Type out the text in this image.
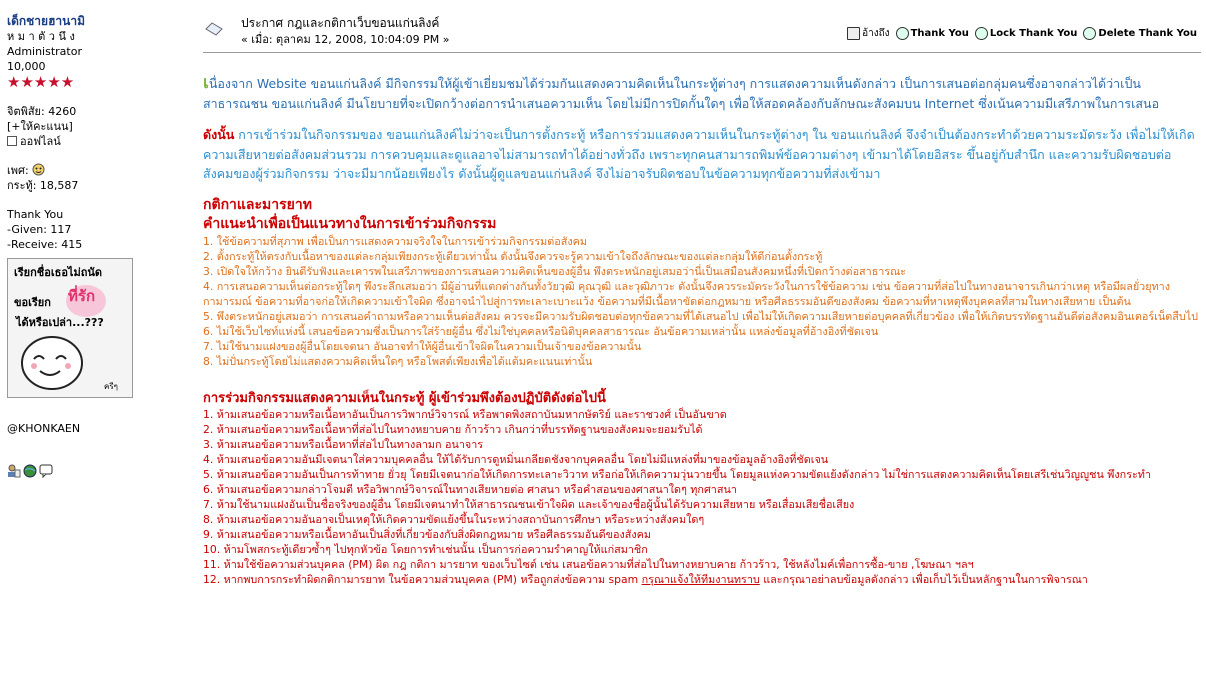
เด็กชายฮานามิ
ห ม า ตั ว นึ ง
Administrator
10,000
★★★★★
จิตพิสัย: 4260
[+ให้คะแนน]
ออฟไลน์
เพศ:
กระทู้: 18,587
Thank You
-Given: 117
-Receive: 415
เรียกชื่อเธอไม่ถนัด
ขอเรียก ที่รัก
ได้หรือเปล่า...???
ครีๆ
@KHONKAEN
ประกาศ กฎและกติกาเว็บขอนแก่นลิงค์
« เมื่อ: ตุลาคม 12, 2008, 10:04:09 PM »	อ้างถึง Thank You Lock Thank You Delete Thank You
เนื่องจาก Website ขอนแก่นลิงค์ มีกิจกรรมให้ผู้เข้าเยี่ยมชมได้ร่วมกันแสดงความคิดเห็นในกระทู้ต่างๆ การแสดงความเห็นดังกล่าว เป็นการเสนอต่อกลุ่มคนซึ่งอาจกล่าวได้ว่าเป็นสาธารณชน ขอนแก่นลิงค์ มีนโยบายที่จะเปิดกว้างต่อการนำเสนอความเห็น โดยไม่มีการปิดกั้นใดๆ เพื่อให้สอดคล้องกับลักษณะสังคมบน Internet ซึ่งเน้นความมีเสรีภาพในการเสนอ
ดังนั้น การเข้าร่วมในกิจกรรมของ ขอนแก่นลิงค์ไม่ว่าจะเป็นการตั้งกระทู้ หรือการร่วมแสดงความเห็นในกระทู้ต่างๆ ใน ขอนแก่นลิงค์ จึงจำเป็นต้องกระทำด้วยความระมัดระวัง เพื่อไม่ให้เกิดความเสียหายต่อสังคมส่วนรวม การควบคุมและดูแลอาจไม่สามารถทำได้อย่างทั่วถึง เพราะทุกคนสามารถพิมพ์ข้อความต่างๆ เข้ามาได้โดยอิสระ ขึ้นอยู่กับสำนึก และความรับผิดชอบต่อสังคมของผู้ร่วมกิจกรรม ว่าจะมีมากน้อยเพียงไร ดังนั้นผู้ดูแลขอนแก่นลิงค์ จึงไม่อาจรับผิดชอบในข้อความทุกข้อความที่ส่งเข้ามา
กติกาและมารยาท
คำแนะนำเพื่อเป็นแนวทางในการเข้าร่วมกิจกรรม
1. ใช้ข้อความที่สุภาพ เพื่อเป็นการแสดงความจริงใจในการเข้าร่วมกิจกรรมต่อสังคม
2. ตั้งกระทู้ให้ตรงกับเนื้อหาของแต่ละกลุ่มเพียงกระทู้เดียวเท่านั้น ดังนั้นจึงควรจะรู้ความเข้าใจถึงลักษณะของแต่ละกลุ่มให้ดีก่อนตั้งกระทู้
3. เปิดใจให้กว้าง ยินดีรับฟังและเคารพในเสรีภาพของการเสนอความคิดเห็นของผู้อื่น พึงตระหนักอยู่เสมอว่านี่เป็นเสมือนสังคมหนึ่งที่เปิดกว้างต่อสาธารณะ
4. การเสนอความเห็นต่อกระทู้ใดๆ พึงระลึกเสมอว่า มีผู้อ่านที่แตกต่างกันทั้งวัยวุฒิ คุณวุฒิ และวุฒิภาวะ ดังนั้นจึงควรระมัดระวังในการใช้ข้อความ เช่น ข้อความที่ส่อไปในทางอนาจารเกินกว่าเหตุ หรือมีผลยั่วยุทางกามารมณ์ ข้อความที่อาจก่อให้เกิดความเข้าใจผิด ซึ่งอาจนำไปสู่การทะเลาะเบาะแว้ง ข้อความที่มีเนื้อหาขัดต่อกฎหมาย หรือศีลธรรมอันดีของสังคม ข้อความที่หาเหตุพึงบุคคลที่สามในทางเสียหาย เป็นต้น
5. พึงตระหนักอยู่เสมอว่า การเสนอคำถามหรือความเห็นต่อสังคม ควรจะมีความรับผิดชอบต่อทุกข้อความที่ได้เสนอไป เพื่อไม่ให้เกิดความเสียหายต่อบุคคลที่เกี่ยวข้อง เพื่อให้เกิดบรรทัดฐานอันดีต่อสังคมอินเตอร์เน็ตสืบไป
6. ไม่ใช้เว็บไซท์แห่งนี้ เสนอข้อความซึ่งเป็นการใส่ร้ายผู้อื่น ซึ่งไม่ใช่บุคคลหรือนิติบุคคลสาธารณะ อันข้อความเหล่านั้น แหล่งข้อมูลที่อ้างอิงที่ชัดเจน
7. ไม่ใช้นามแฝงของผู้อื่นโดยเจตนา อันอาจทำให้ผู้อื่นเข้าใจผิดในความเป็นเจ้าของข้อความนั้น
8. ไม่ปั่นกระทู้โดยไม่แสดงความคิดเห็นใดๆ หรือโพสต์เพียงเพื่อได้แต้มคะแนนเท่านั้น
การร่วมกิจกรรมแสดงความเห็นในกระทู้ ผู้เข้าร่วมพึงต้องปฏิบัติดังต่อไปนี้
1. ห้ามเสนอข้อความหรือเนื้อหาอันเป็นการวิพากษ์วิจารณ์ หรือพาดพิงสถาบันมหากษัตริย์ และราชวงศ์ เป็นอันขาด
2. ห้ามเสนอข้อความหรือเนื้อหาที่ส่อไปในทางหยาบคาย ก้าวร้าว เกินกว่าที่บรรทัดฐานของสังคมจะยอมรับได้
3. ห้ามเสนอข้อความหรือเนื้อหาที่ส่อไปในทางลามก อนาจาร
4. ห้ามเสนอข้อความอันมีเจตนาใส่ความบุคคลอื่น ให้ได้รับการดูหมิ่นเกลียดชังจากบุคคลอื่น โดยไม่มีแหล่งที่มาของข้อมูลอ้างอิงที่ชัดเจน
5. ห้ามเสนอข้อความอันเป็นการท้าทาย ยั่วยุ โดยมีเจตนาก่อให้เกิดการทะเลาะวิวาท หรือก่อให้เกิดความวุ่นวายขึ้น โดยมูลแห่งความขัดแย้งดังกล่าว ไม่ใช่การแสดงความคิดเห็นโดยเสรีเช่นวิญญูชน พึงกระทำ
6. ห้ามเสนอข้อความกล่าวโจมตี หรือวิพากษ์วิจารณ์ในทางเสียหายต่อ ศาสนา หรือคำสอนของศาสนาใดๆ ทุกศาสนา
7. ห้ามใช้นามแฝงอันเป็นชื่อจริงของผู้อื่น โดยมีเจตนาทำให้สาธารณชนเข้าใจผิด และเจ้าของชื่อผู้นั้นได้รับความเสียหาย หรือเสื่อมเสียชื่อเสียง
8. ห้ามเสนอข้อความอันอาจเป็นเหตุให้เกิดความขัดแย้งขึ้นในระหว่างสถาบันการศึกษา หรือระหว่างสังคมใดๆ
9. ห้ามเสนอข้อความหรือเนื้อหาอันเป็นสิ่งที่เกี่ยวข้องกับสิ่งผิดกฎหมาย หรือศีลธรรมอันดีของสังคม
10. ห้ามโพสกระทู้เดียวซ้ำๆ ไปทุกหัวข้อ โดยการทำเช่นนั้น เป็นการก่อความรำคาญให้แก่สมาชิก
11. ห้ามใช้ข้อความส่วนบุคคล (PM) ผิด กฎ กติกา มารยาท ของเว็บไซต์ เช่น เสนอข้อความที่ส่อไปในทางหยาบคาย ก้าวร้าว, ใช้หลังไมค์เพื่อการซื้อ-ขาย ,โฆษณา ฯลฯ
12. หากพบการกระทำผิดกติกามารยาท ในข้อความส่วนบุคคล (PM) หรือถูกส่งข้อความ spam กรุณาแจ้งให้ทีมงานทราบ และกรุณาอย่าลบข้อมูลดังกล่าว เพื่อเก็บไว้เป็นหลักฐานในการพิจารณา
